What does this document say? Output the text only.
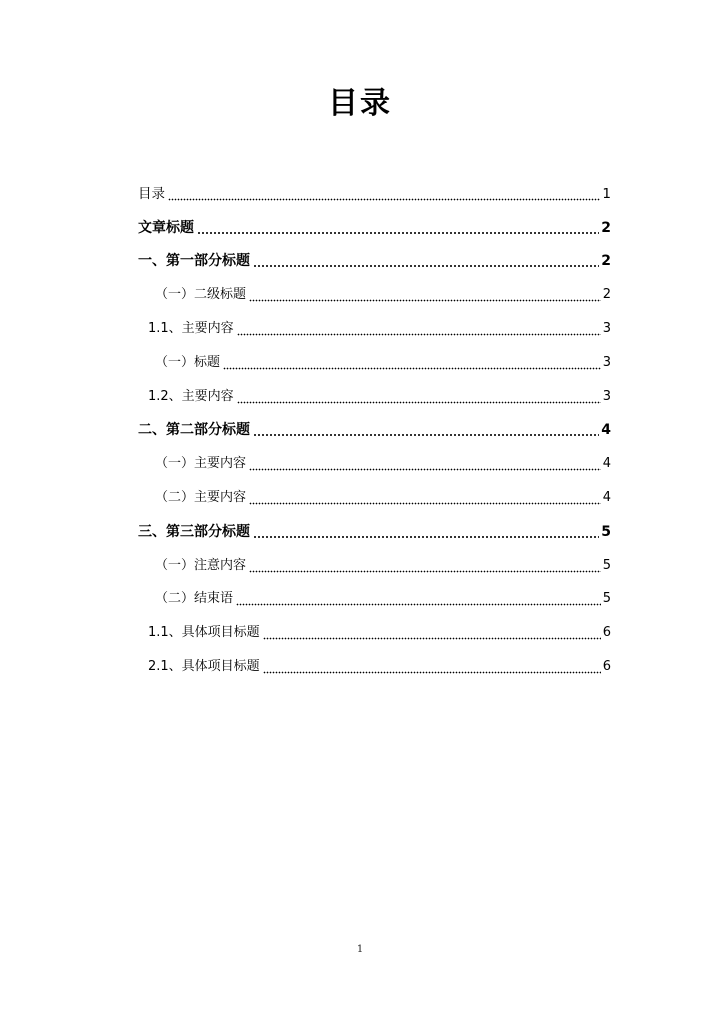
目录
目录	1
文章标题	2
一、第一部分标题	2
（一）二级标题	2
1.1、主要内容	3
（一）标题	3
1.2、主要内容	3
二、第二部分标题	4
（一）主要内容	4
（二）主要内容	4
三、第三部分标题	5
（一）注意内容	5
（二）结束语	5
1.1、具体项目标题	6
2.1、具体项目标题	6
1
